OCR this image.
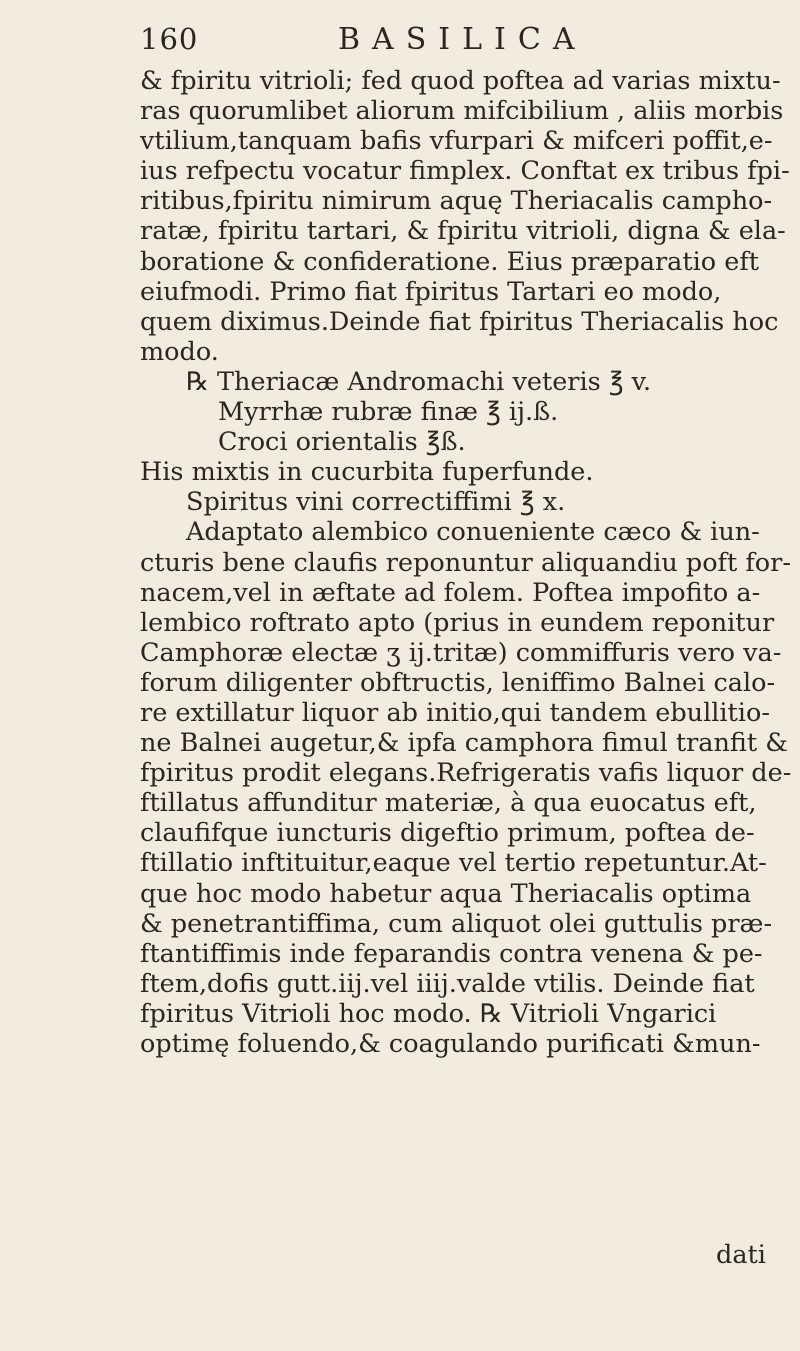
160	BASILICA
& fpiritu vitrioli; fed quod poftea ad varias mixtu-
ras quorumlibet aliorum mifcibilium , aliis morbis
vtilium,tanquam bafis vfurpari & mifceri poffit,e-
ius refpectu vocatur fimplex. Conftat ex tribus fpi-
ritibus,fpiritu nimirum aquę Theriacalis campho-
ratæ, fpiritu tartari, & fpiritu vitrioli, digna & ela-
boratione & confideratione. Eius præparatio eft
eiufmodi. Primo fiat fpiritus Tartari eo modo,
quem diximus.Deinde fiat fpiritus Theriacalis hoc
modo.
℞ Theriacæ Andromachi veteris ℥ v.
Myrrhæ rubræ finæ ℥ ij.ß.
Croci orientalis ℥ß.
His mixtis in cucurbita fuperfunde.
Spiritus vini correctiffimi ℥ x.
Adaptato alembico conueniente cæco & iun-
cturis bene claufis reponuntur aliquandiu poft for-
nacem,vel in æftate ad folem. Poftea impofito a-
lembico roftrato apto (prius in eundem reponitur
Camphoræ electæ ʒ ij.tritæ) commiffuris vero va-
forum diligenter obftructis, leniffimo Balnei calo-
re extillatur liquor ab initio,qui tandem ebullitio-
ne Balnei augetur,& ipfa camphora fimul tranfit &
fpiritus prodit elegans.Refrigeratis vafis liquor de-
ftillatus affunditur materiæ, à qua euocatus eft,
claufifque iuncturis digeftio primum, poftea de-
ftillatio inftituitur,eaque vel tertio repetuntur.At-
que hoc modo habetur aqua Theriacalis optima
& penetrantiffima, cum aliquot olei guttulis præ-
ftantiffimis inde feparandis contra venena & pe-
ftem,dofis gutt.iij.vel iiij.valde vtilis. Deinde fiat
fpiritus Vitrioli hoc modo. ℞ Vitrioli Vngarici
optimę foluendo,& coagulando purificati &mun-
dati
